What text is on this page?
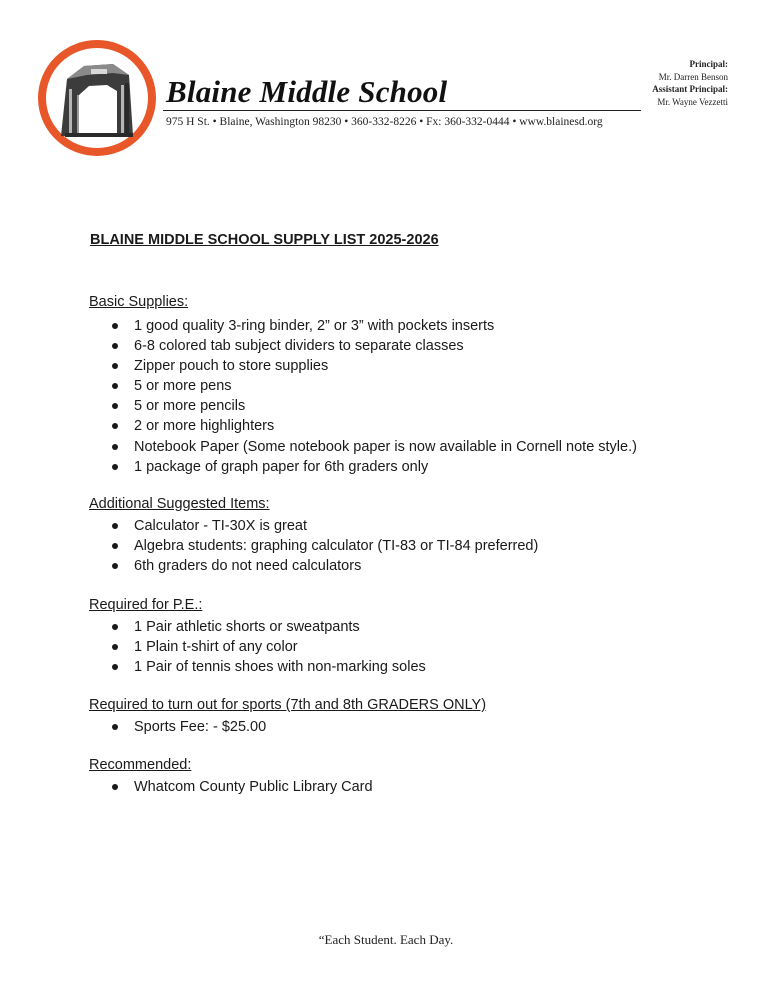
Blaine Middle School
975 H St. • Blaine, Washington 98230 • 360-332-8226 • Fx: 360-332-0444 • www.blainesd.org
Principal:
Mr. Darren Benson
Assistant Principal:
Mr. Wayne Vezzetti
BLAINE MIDDLE SCHOOL SUPPLY LIST 2025-2026
Basic Supplies:
1 good quality 3-ring binder, 2” or 3” with pockets inserts
6-8 colored tab subject dividers to separate classes
Zipper pouch to store supplies
5 or more pens
5 or more pencils
2 or more highlighters
Notebook Paper (Some notebook paper is now available in Cornell note style.)
1 package of graph paper for 6th graders only
Additional Suggested Items:
Calculator - TI-30X is great
Algebra students: graphing calculator (TI-83 or TI-84 preferred)
6th graders do not need calculators
Required for P.E.:
1 Pair athletic shorts or sweatpants
1 Plain t-shirt of any color
1 Pair of tennis shoes with non-marking soles
Required to turn out for sports (7th and 8th GRADERS ONLY)
Sports Fee: - $25.00
Recommended:
Whatcom County Public Library Card
“Each Student. Each Day.
